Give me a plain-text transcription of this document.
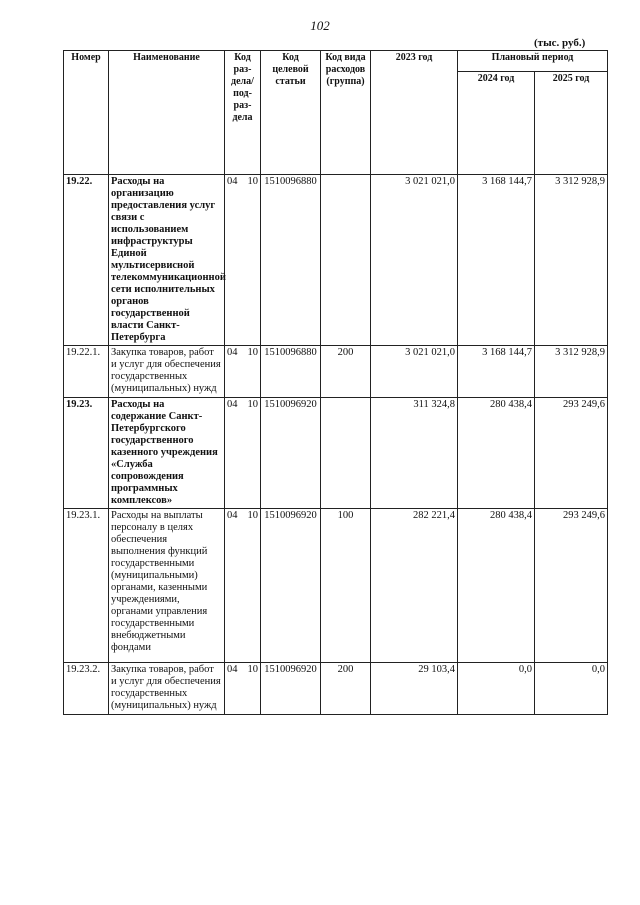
102
(тыс. руб.)
Номер	Наименование	Код раз- дела/ под- раз- дела	Код целевой статьи	Код вида расходов (группа)	2023 год	Плановый период	
						2024 год	2025 год
19.22.	Расходы на организацию предоставления услуг связи с использованием инфраструктуры Единой мультисервисной телекоммуникационной сети исполнительных органов государственной власти Санкт-Петербурга	04 10	1510096880		3 021 021,0	3 168 144,7	3 312 928,9
19.22.1.	Закупка товаров, работ и услуг для обеспечения государственных (муниципальных) нужд	04 10	1510096880	200	3 021 021,0	3 168 144,7	3 312 928,9
19.23.	Расходы на содержание Санкт-Петербургского государственного казенного учреждения «Служба сопровождения программных комплексов»	04 10	1510096920		311 324,8	280 438,4	293 249,6
19.23.1.	Расходы на выплаты персоналу в целях обеспечения выполнения функций государственными (муниципальными) органами, казенными учреждениями, органами управления государственными внебюджетными фондами	04 10	1510096920	100	282 221,4	280 438,4	293 249,6
19.23.2.	Закупка товаров, работ и услуг для обеспечения государственных (муниципальных) нужд	04 10	1510096920	200	29 103,4	0,0	0,0
